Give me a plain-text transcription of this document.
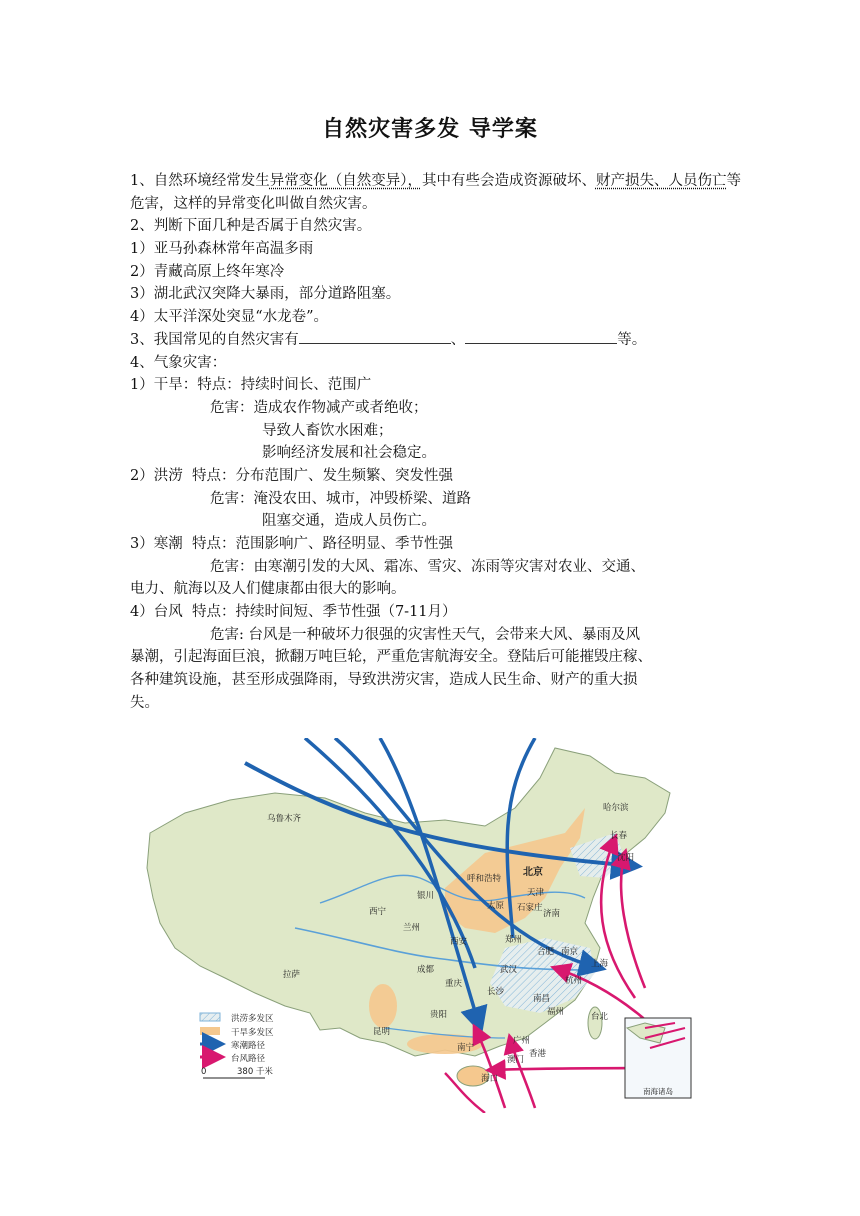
自然灾害多发 导学案
1、自然环境经常发生异常变化（自然变异），其中有些会造成资源破坏、财产损失、人员伤亡等危害，这样的异常变化叫做自然灾害。
2、判断下面几种是否属于自然灾害。
1）亚马孙森林常年高温多雨
2）青藏高原上终年寒冷
3）湖北武汉突降大暴雨，部分道路阻塞。
4）太平洋深处突显“水龙卷”。
3、我国常见的自然灾害有	、	等。
4、气象灾害：
1）干旱：特点：持续时间长、范围广
危害：造成农作物减产或者绝收；
导致人畜饮水困难；
影响经济发展和社会稳定。
2）洪涝  特点：分布范围广、发生频繁、突发性强
危害：淹没农田、城市，冲毁桥梁、道路
阻塞交通，造成人员伤亡。
3）寒潮  特点：范围影响广、路径明显、季节性强
危害：由寒潮引发的大风、霜冻、雪灾、冻雨等灾害对农业、交通、
电力、航海以及人们健康都由很大的影响。
4）台风  特点：持续时间短、季节性强（7-11月）
危害: 台风是一种破坏力很强的灾害性天气，会带来大风、暴雨及风
暴潮，引起海面巨浪，掀翻万吨巨轮，严重危害航海安全。登陆后可能摧毁庄稼、
各种建筑设施，甚至形成强降雨，导致洪涝灾害，造成人民生命、财产的重大损
失。
乌鲁木齐
哈尔滨
长春
沈阳
呼和浩特
北京
天津
银川
太原 石家庄
济南
西宁
兰州
郑州
西安
合肥 南京
上海
拉萨	成都	武汉
杭州
重庆
长沙
南昌
福州
贵阳	台北
昆明
南宁
广州
澳门
香港
海口
南海诸岛
洪涝多发区
干旱多发区
寒潮路径
台风路径
0	380 千米
